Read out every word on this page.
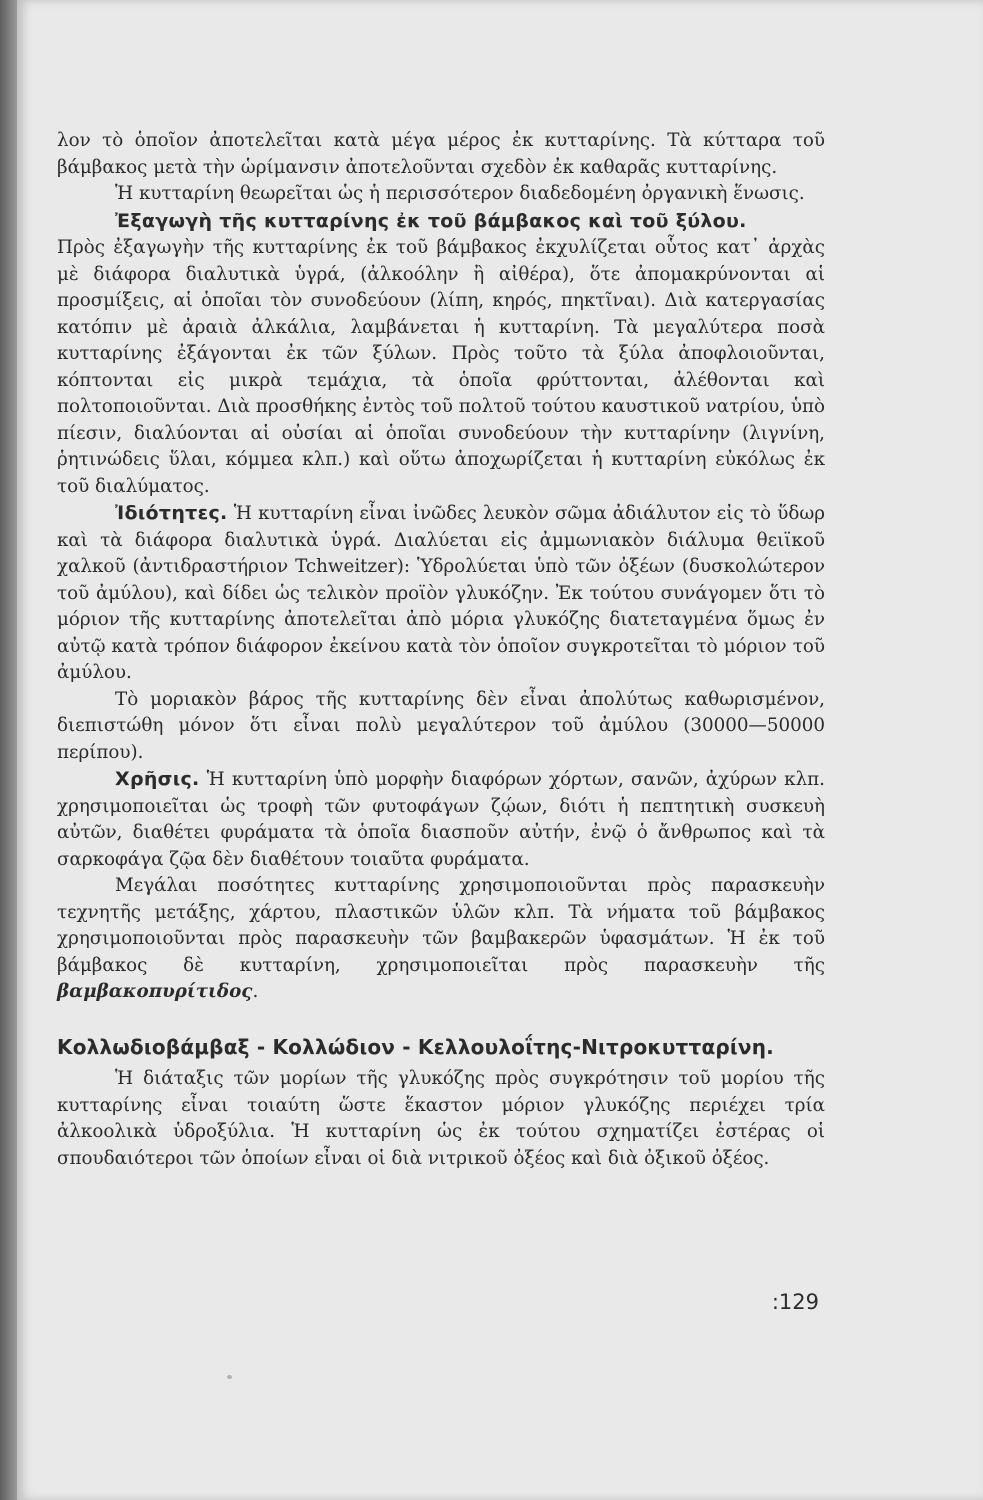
λον τὸ ὁποῖον ἀποτελεῖται κατὰ μέγα μέρος ἐκ κυτταρίνης. Τὰ κύτταρα τοῦ βάμβακος μετὰ τὴν ὡρίμανσιν ἀποτελοῦνται σχεδὸν ἐκ καθαρᾶς κυτταρίνης.

Ἡ κυτταρίνη θεωρεῖται ὡς ἡ περισσότερον διαδεδομένη ὀργανικὴ ἕνωσις.

Ἐξαγωγὴ τῆς κυτταρίνης ἐκ τοῦ βάμβακος καὶ τοῦ ξύλου.

Πρὸς ἐξαγωγὴν τῆς κυτταρίνης ἐκ τοῦ βάμβακος ἐκχυλίζεται οὗτος κατ᾽ ἀρχὰς μὲ διάφορα διαλυτικὰ ὑγρά, (ἀλκοόλην ἢ αἰθέρα), ὅτε ἀπομακρύνονται αἱ προσμίξεις, αἱ ὁποῖαι τὸν συνοδεύουν (λίπη, κηρός, πηκτῖναι). Διὰ κατεργασίας κατόπιν μὲ ἀραιὰ ἀλκάλια, λαμβάνεται ἡ κυτταρίνη. Τὰ μεγαλύτερα ποσὰ κυτταρίνης ἐξάγονται ἐκ τῶν ξύλων. Πρὸς τοῦτο τὰ ξύλα ἀποφλοιοῦνται, κόπτονται εἰς μικρὰ τεμάχια, τὰ ὁποῖα φρύττονται, ἀλέθονται καὶ πολτοποιοῦνται. Διὰ προσθήκης ἐντὸς τοῦ πολτοῦ τούτου καυστικοῦ νατρίου, ὑπὸ πίεσιν, διαλύονται αἱ οὐσίαι αἱ ὁποῖαι συνοδεύουν τὴν κυτταρίνην (λιγνίνη, ῥητινώδεις ὕλαι, κόμμεα κλπ.) καὶ οὕτω ἀποχωρίζεται ἡ κυτταρίνη εὐκόλως ἐκ τοῦ διαλύματος.

Ἰδιότητες. Ἡ κυτταρίνη εἶναι ἰνῶδες λευκὸν σῶμα ἀδιάλυτον εἰς τὸ ὕδωρ καὶ τὰ διάφορα διαλυτικὰ ὑγρά. Διαλύεται εἰς ἀμμωνιακὸν διάλυμα θειϊκοῦ χαλκοῦ (ἀντιδραστήριον Tchweitzer): Ὑδρολύεται ὑπὸ τῶν ὀξέων (δυσκολώτερον τοῦ ἀμύλου), καὶ δίδει ὡς τελικὸν προϊὸν γλυκόζην. Ἐκ τούτου συνάγομεν ὅτι τὸ μόριον τῆς κυτταρίνης ἀποτελεῖται ἀπὸ μόρια γλυκόζης διατεταγμένα ὅμως ἐν αὐτῷ κατὰ τρόπον διάφορον ἐκείνου κατὰ τὸν ὁποῖον συγκροτεῖται τὸ μόριον τοῦ ἀμύλου.

Τὸ μοριακὸν βάρος τῆς κυτταρίνης δὲν εἶναι ἀπολύτως καθωρισμένον, διεπιστώθη μόνον ὅτι εἶναι πολὺ μεγαλύτερον τοῦ ἀμύλου (30000—50000 περίπου).

Χρῆσις. Ἡ κυτταρίνη ὑπὸ μορφὴν διαφόρων χόρτων, σανῶν, ἀχύρων κλπ. χρησιμοποιεῖται ὡς τροφὴ τῶν φυτοφάγων ζῴων, διότι ἡ πεπτητικὴ συσκευὴ αὐτῶν, διαθέτει φυράματα τὰ ὁποῖα διασποῦν αὐτήν, ἐνῷ ὁ ἄνθρωπος καὶ τὰ σαρκοφάγα ζῷα δὲν διαθέτουν τοιαῦτα φυράματα.

Μεγάλαι ποσότητες κυτταρίνης χρησιμοποιοῦνται πρὸς παρασκευὴν τεχνητῆς μετάξης, χάρτου, πλαστικῶν ὑλῶν κλπ. Τὰ νήματα τοῦ βάμβακος χρησιμοποιοῦνται πρὸς παρασκευὴν τῶν βαμβακερῶν ὑφασμάτων. Ἡ ἐκ τοῦ βάμβακος δὲ κυτταρίνη, χρησιμοποιεῖται πρὸς παρασκευὴν τῆς βαμβακοπυρίτιδος.

Κολλωδιοβάμβαξ - Κολλώδιον - Κελλουλοΐτης-Νιτροκυτταρίνη.

Ἡ διάταξις τῶν μορίων τῆς γλυκόζης πρὸς συγκρότησιν τοῦ μορίου τῆς κυτταρίνης εἶναι τοιαύτη ὥστε ἕκαστον μόριον γλυκόζης περιέχει τρία ἀλκοολικὰ ὑδροξύλια. Ἡ κυτταρίνη ὡς ἐκ τούτου σχηματίζει ἐστέρας οἱ σπουδαιότεροι τῶν ὁποίων εἶναι οἱ διὰ νιτρικοῦ ὀξέος καὶ διὰ ὀξικοῦ ὀξέος.

:129
